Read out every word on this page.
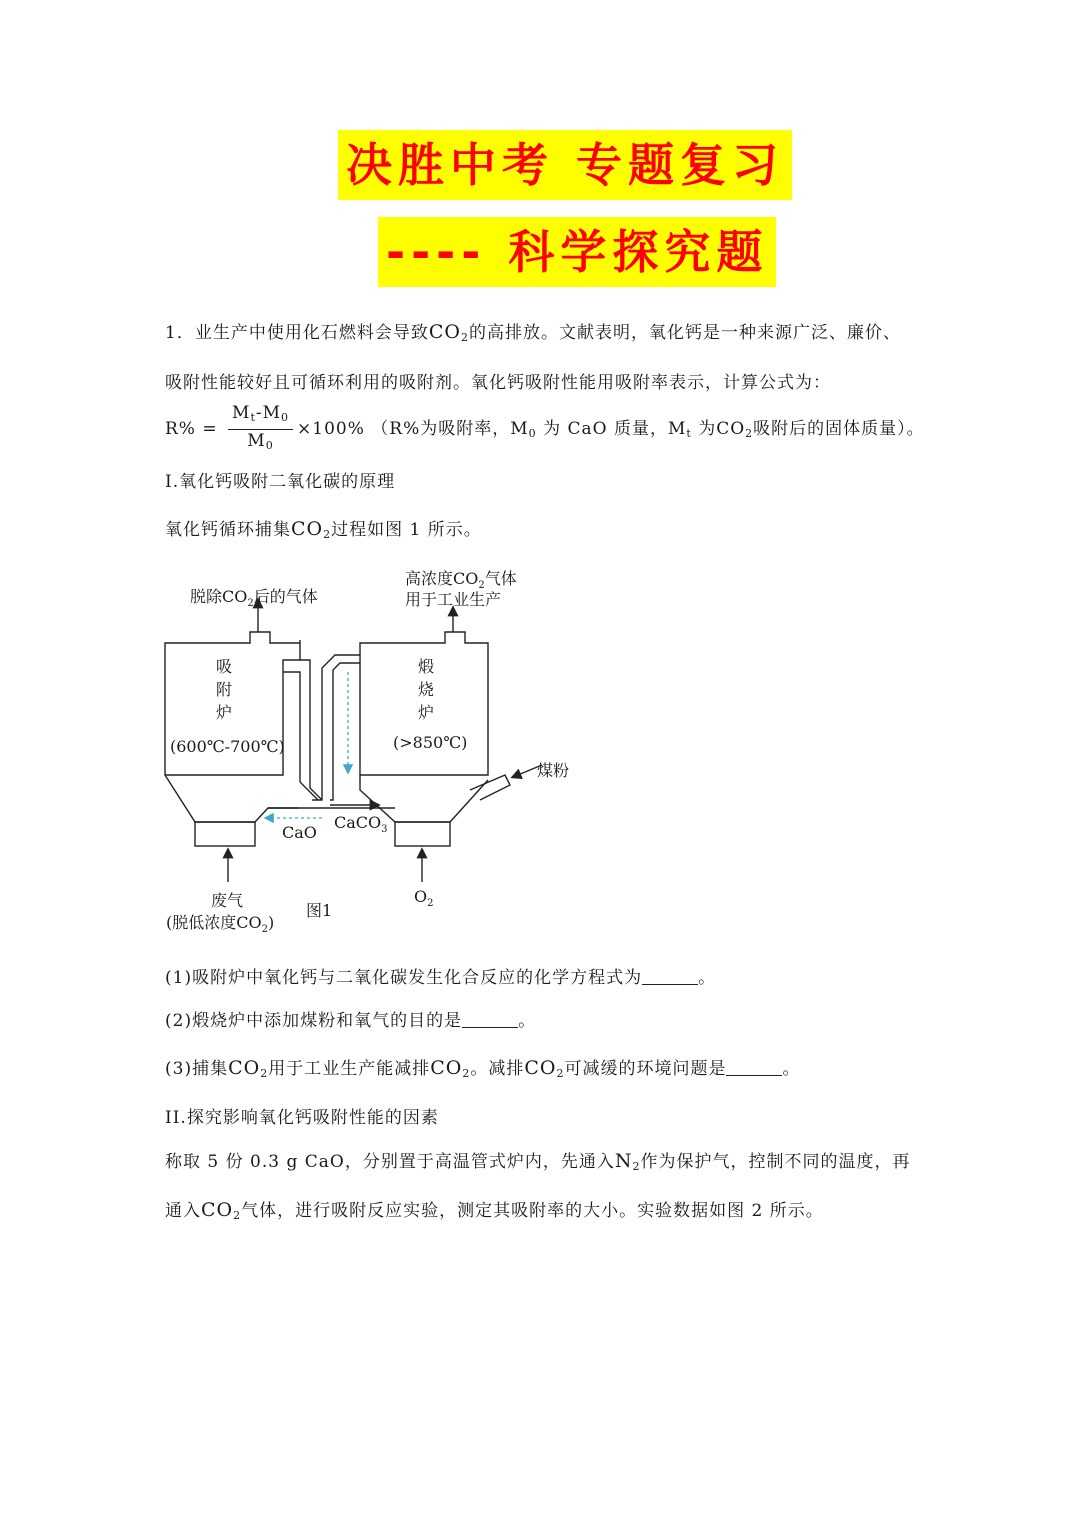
决胜中考 专题复习
---- 科学探究题
1．业生产中使用化石燃料会导致$CO_2$的高排放。文献表明，氧化钙是一种来源广泛、廉价、
吸附性能较好且可循环利用的吸附剂。氧化钙吸附性能用吸附率表示，计算公式为：
$R\% = \frac{M_t-M_0}{M_0} \times 100\%$ （R%为吸附率，$M_0$ 为 CaO 质量，$M_t$ 为$CO_2$吸附后的固体质量）。
I.氧化钙吸附二氧化碳的原理
氧化钙循环捕集$CO_2$过程如图 1 所示。
脱除$CO_2$后的气体
高浓度$CO_2$气体
用于工业生产
吸
附
炉
(600℃-700℃)
煅
烧
炉
(>850℃)
煤粉
CaO
CaCO$_3$
废气
(脱低浓度$CO_2$)
图1
$O_2$
(1)吸附炉中氧化钙与二氧化碳发生化合反应的化学方程式为	。
(2)煅烧炉中添加煤粉和氧气的目的是	。
(3)捕集$CO_2$用于工业生产能减排$CO_2$。减排$CO_2$可减缓的环境问题是	。
II.探究影响氧化钙吸附性能的因素
称取 5 份 0.3 g CaO，分别置于高温管式炉内，先通入$N_2$作为保护气，控制不同的温度，再
通入$CO_2$气体，进行吸附反应实验，测定其吸附率的大小。实验数据如图 2 所示。
